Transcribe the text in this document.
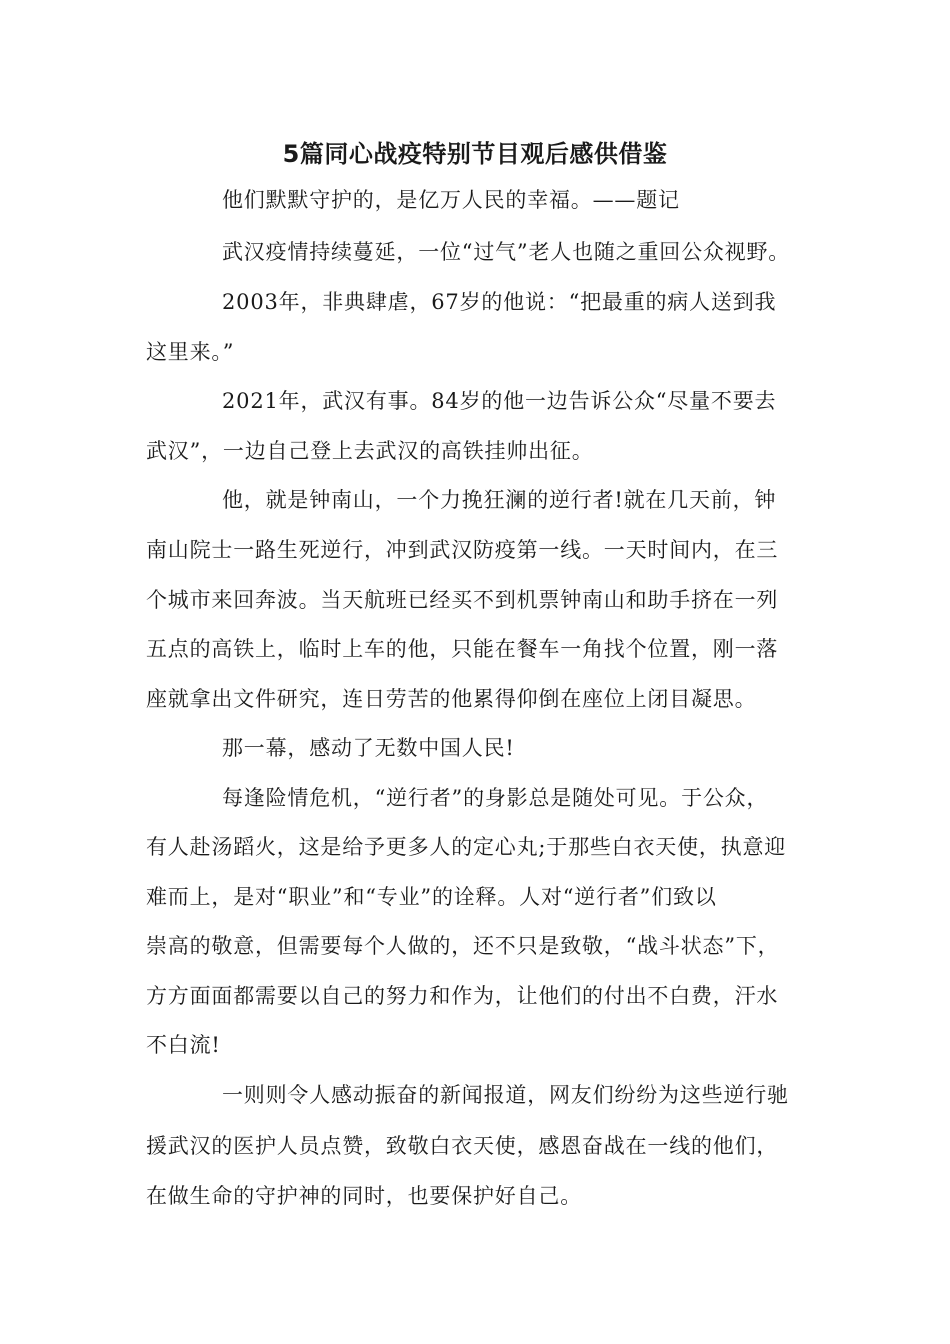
5篇同心战疫特别节目观后感供借鉴
他们默默守护的，是亿万人民的幸福。——题记
武汉疫情持续蔓延，一位“过气”老人也随之重回公众视野。
2003年，非典肆虐，67岁的他说：“把最重的病人送到我
这里来。”
2021年，武汉有事。84岁的他一边告诉公众“尽量不要去
武汉”，一边自己登上去武汉的高铁挂帅出征。
他，就是钟南山，一个力挽狂澜的逆行者!就在几天前，钟
南山院士一路生死逆行，冲到武汉防疫第一线。一天时间内，在三
个城市来回奔波。当天航班已经买不到机票钟南山和助手挤在一列
五点的高铁上，临时上车的他，只能在餐车一角找个位置，刚一落
座就拿出文件研究，连日劳苦的他累得仰倒在座位上闭目凝思。
那一幕，感动了无数中国人民!
每逢险情危机，“逆行者”的身影总是随处可见。于公众，
有人赴汤蹈火，这是给予更多人的定心丸;于那些白衣天使，执意迎
难而上，是对“职业”和“专业”的诠释。人对“逆行者”们致以
崇高的敬意，但需要每个人做的，还不只是致敬，“战斗状态”下，
方方面面都需要以自己的努力和作为，让他们的付出不白费，汗水
不白流!
一则则令人感动振奋的新闻报道，网友们纷纷为这些逆行驰
援武汉的医护人员点赞，致敬白衣天使，感恩奋战在一线的他们，
在做生命的守护神的同时，也要保护好自己。
